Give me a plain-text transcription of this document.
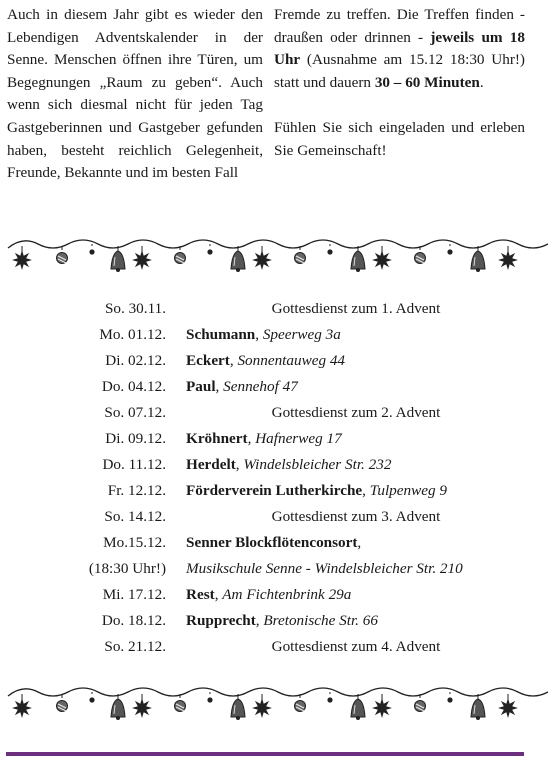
Auch in diesem Jahr gibt es wieder den Lebendigen Adventskalender in der Senne. Menschen öffnen ihre Türen, um Begegnungen „Raum zu geben“. Auch wenn sich diesmal nicht für jeden Tag Gastgeberinnen und Gastgeber gefunden haben, besteht reichlich Gelegenheit, Freunde, Bekannte und im besten Fall

Fremde zu treffen. Die Treffen finden - draußen oder drinnen - jeweils um 18 Uhr (Ausnahme am 15.12 18:30 Uhr!) statt und dauern 30 – 60 Minuten.

Fühlen Sie sich eingeladen und erleben Sie Gemeinschaft!

So. 30.11.	Gottesdienst zum 1. Advent
Mo. 01.12. Schumann, Speerweg 3a
Di. 02.12. Eckert, Sonnentauweg 44
Do. 04.12. Paul, Sennehof 47
So. 07.12.	Gottesdienst zum 2. Advent
Di. 09.12. Kröhnert, Hafnerweg 17
Do. 11.12. Herdelt, Windelsbleicher Str. 232
Fr. 12.12. Förderverein Lutherkirche, Tulpenweg 9
So. 14.12.	Gottesdienst zum 3. Advent
Mo.15.12. Senner Blockflötenconsort,
(18:30 Uhr!) Musikschule Senne - Windelsbleicher Str. 210
Mi. 17.12. Rest, Am Fichtenbrink 29a
Do. 18.12. Rupprecht, Bretonische Str. 66
So. 21.12.	Gottesdienst zum 4. Advent
